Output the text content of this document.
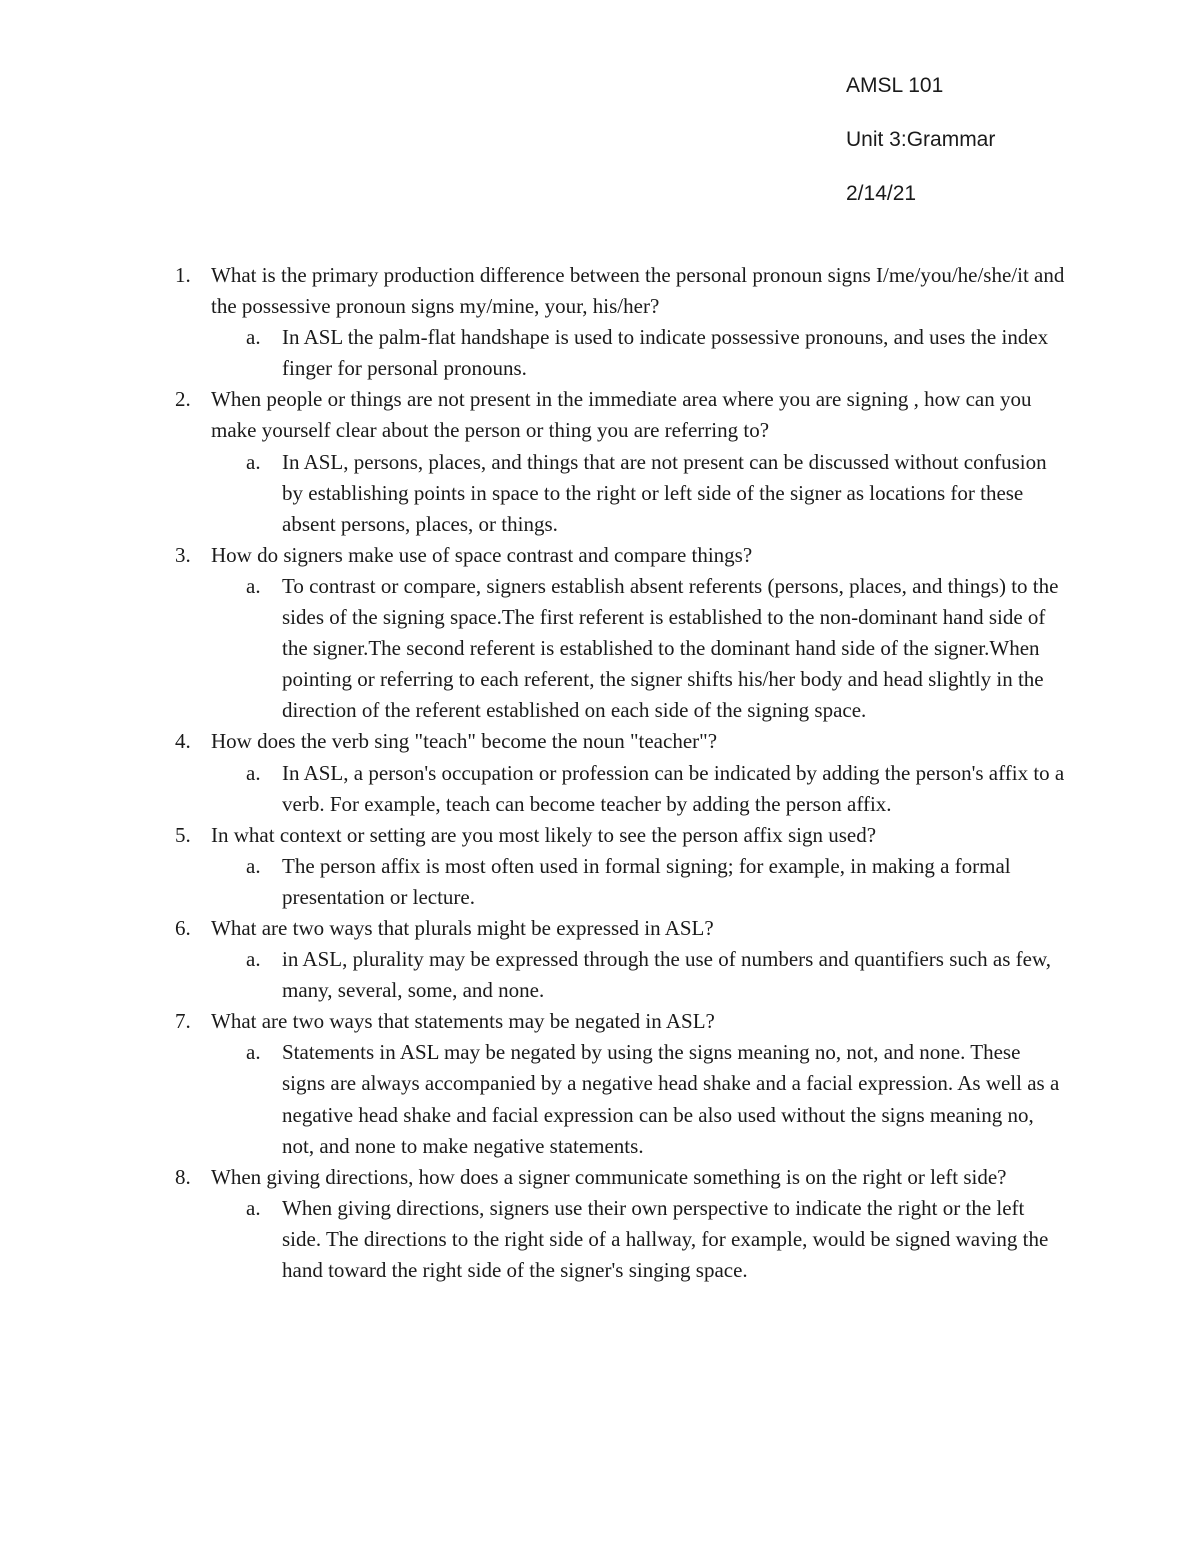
AMSL 101
Unit 3:Grammar
2/14/21
1. What is the primary production difference between the personal pronoun signs I/me/you/he/she/it and the possessive pronoun signs my/mine, your, his/her?
a. In ASL the palm-flat handshape is used to indicate possessive pronouns, and uses the index finger for personal pronouns.
2. When people or things are not present in the immediate area where you are signing , how can you make yourself clear about the person or thing you are referring to?
a. In ASL, persons, places, and things that are not present can be discussed without confusion by establishing points in space to the right or left side of the signer as locations for these absent persons, places, or things.
3. How do signers make use of space contrast and compare things?
a. To contrast or compare, signers establish absent referents (persons, places, and things) to the sides of the signing space.The first referent is established to the non-dominant hand side of the signer.The second referent is established to the dominant hand side of the signer.When pointing or referring to each referent, the signer shifts his/her body and head slightly in the direction of the referent established on each side of the signing space.
4. How does the verb sing "teach" become the noun "teacher"?
a. In ASL, a person's occupation or profession can be indicated by adding the person's affix to a verb. For example, teach can become teacher by adding the person affix.
5. In what context or setting are you most likely to see the person affix sign used?
a. The person affix is most often used in formal signing; for example, in making a formal presentation or lecture.
6. What are two ways that plurals might be expressed in ASL?
a. in ASL, plurality may be expressed through the use of numbers and quantifiers such as few, many, several, some, and none.
7. What are two ways that statements may be negated in ASL?
a. Statements in ASL may be negated by using the signs meaning no, not, and none. These signs are always accompanied by a negative head shake and a facial expression. As well as a negative head shake and facial expression can be also used without the signs meaning no, not, and none to make negative statements.
8. When giving directions, how does a signer communicate something is on the right or left side?
a. When giving directions, signers use their own perspective to indicate the right or the left side. The directions to the right side of a hallway, for example, would be signed waving the hand toward the right side of the signer's singing space.
